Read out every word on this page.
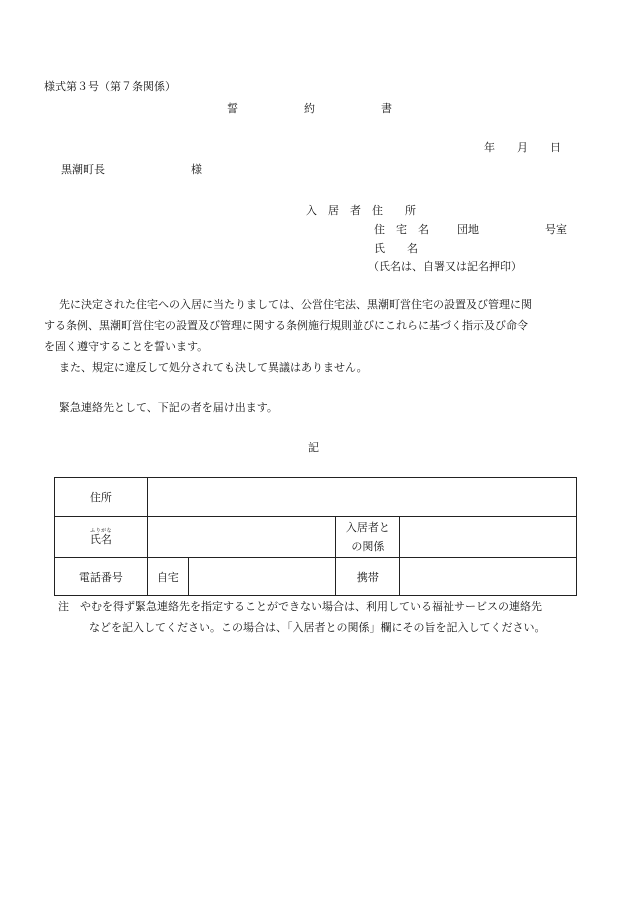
様式第３号（第７条関係）
誓　　　　　　約　　　　　　書
年　　月　　日
黒潮町長	様
入　居　者　住　　所
住　宅　名	団地	号室
氏　　名
（氏名は、自署又は記名押印）

先に決定された住宅への入居に当たりましては、公営住宅法、黒潮町営住宅の設置及び管理に関

する条例、黒潮町営住宅の設置及び管理に関する条例施行規則並びにこれらに基づく指示及び命令

を固く遵守することを誓います。

また、規定に違反して処分されても決して異議はありません。

緊急連絡先として、下記の者を届け出ます。
記
住所				
氏名ふりがな			入居者と
の関係	

電話番号	自宅		携帯	
注　やむを得ず緊急連絡先を指定することができない場合は、利用している福祉サービスの連絡先
などを記入してください。この場合は、「入居者との関係」欄にその旨を記入してください。
